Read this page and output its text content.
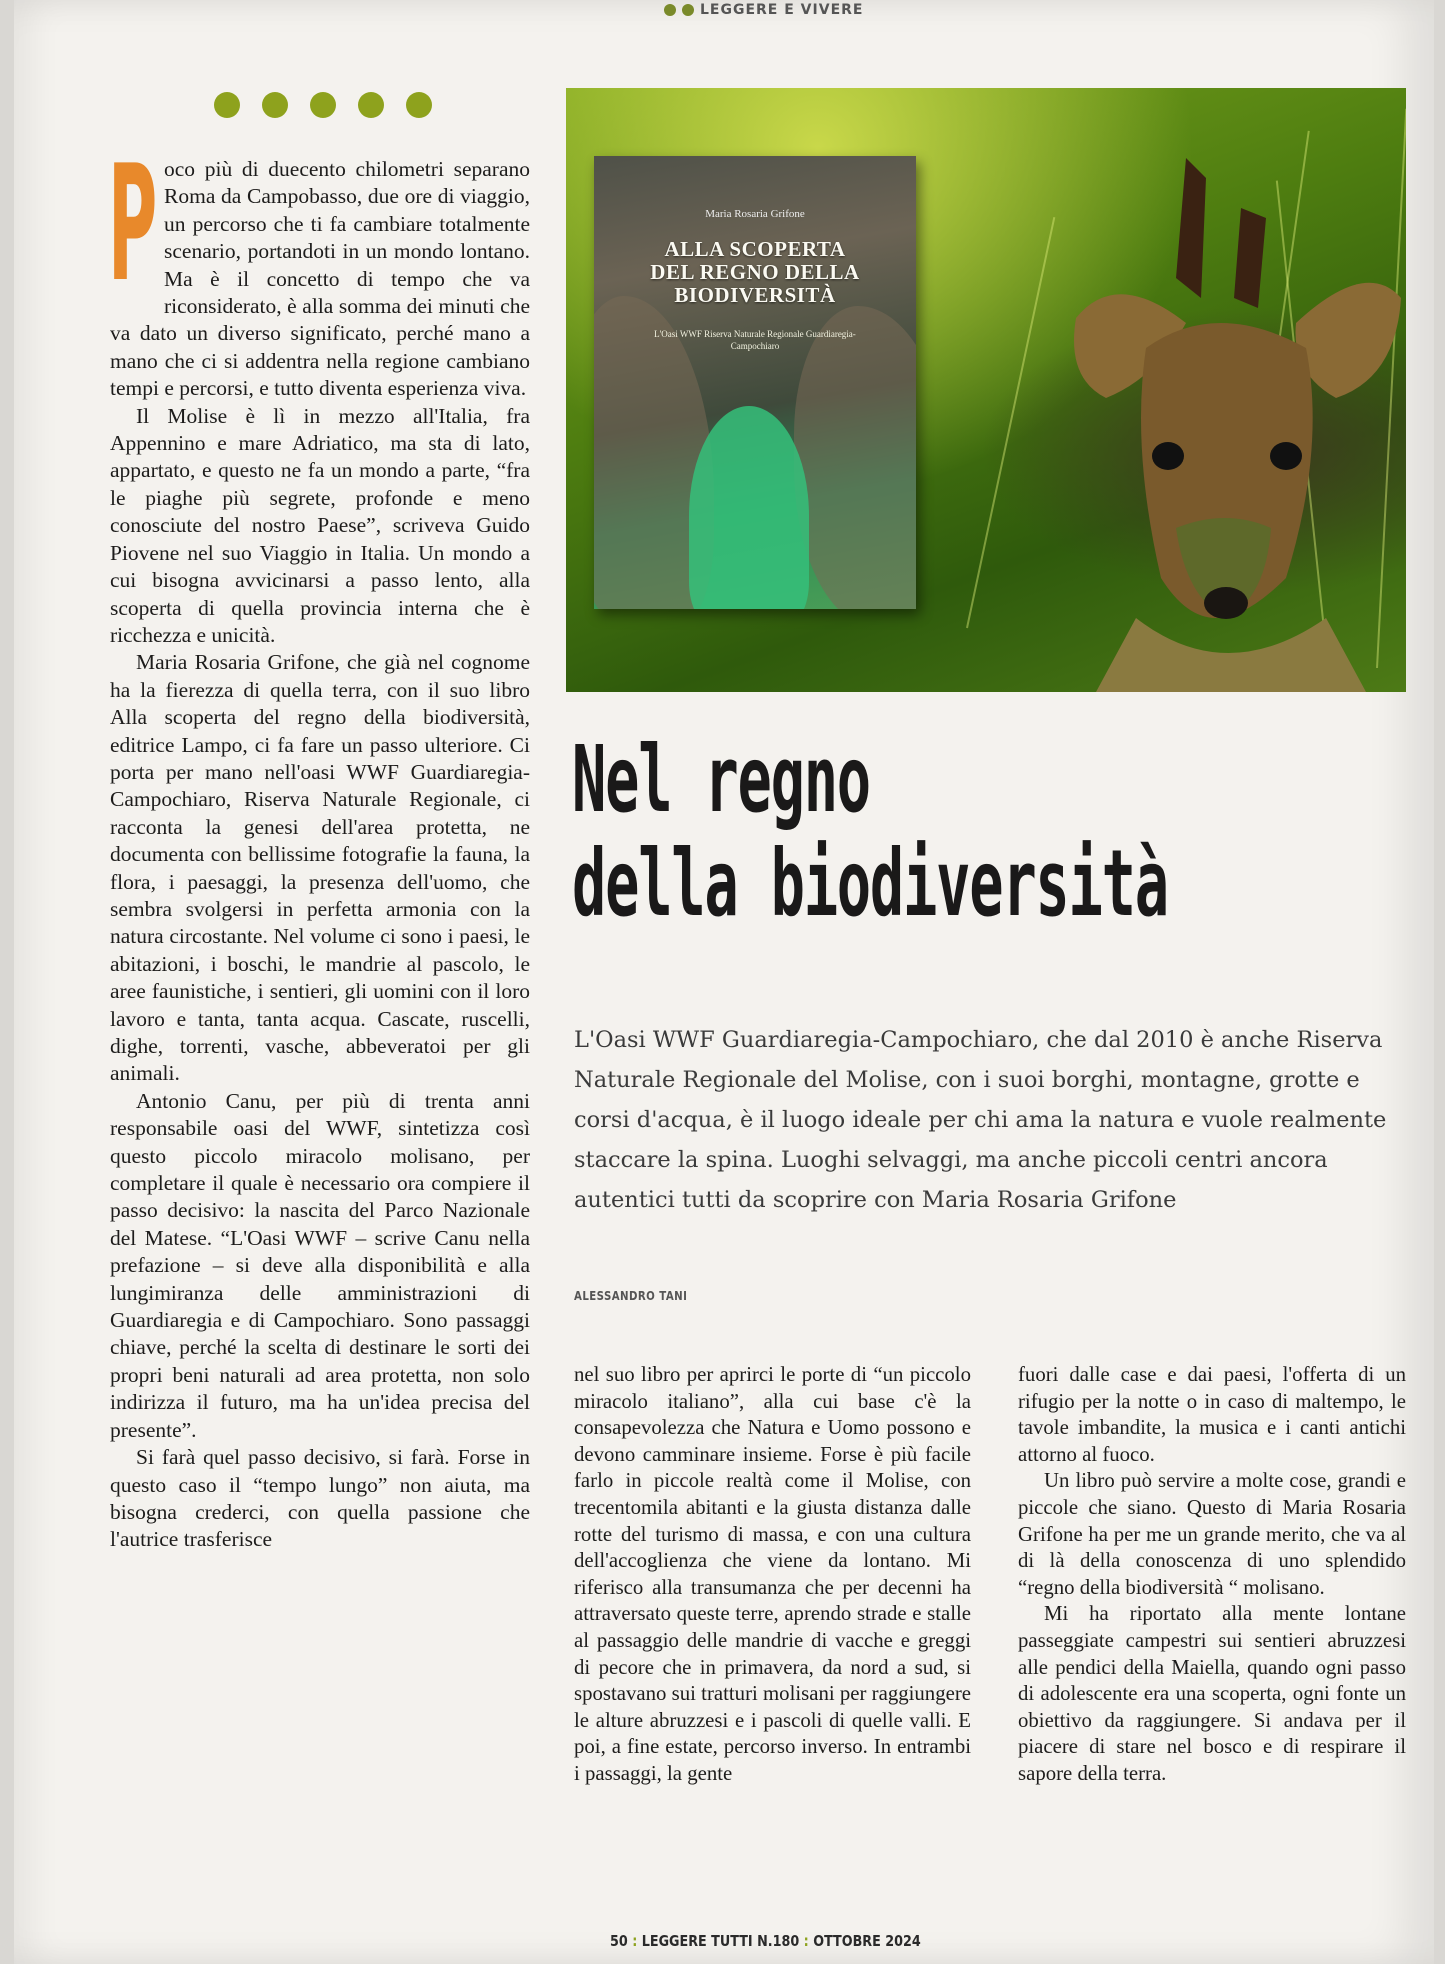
LEGGERE E VIVERE

P oco più di duecento chilometri separano Roma da Campobasso, due ore di viaggio, un percorso che ti fa cambiare totalmente scenario, portandoti in un mondo lontano. Ma è il concetto di tempo che va riconsiderato, è alla somma dei minuti che va dato un diverso significato, perché mano a mano che ci si addentra nella regione cambiano tempi e percorsi, e tutto diventa esperienza viva.

Il Molise è lì in mezzo all'Italia, fra Appennino e mare Adriatico, ma sta di lato, appartato, e questo ne fa un mondo a parte, “fra le piaghe più segrete, profonde e meno conosciute del nostro Paese”, scriveva Guido Piovene nel suo Viaggio in Italia. Un mondo a cui bisogna avvicinarsi a passo lento, alla scoperta di quella provincia interna che è ricchezza e unicità.

Maria Rosaria Grifone, che già nel cognome ha la fierezza di quella terra, con il suo libro Alla scoperta del regno della biodiversità, editrice Lampo, ci fa fare un passo ulteriore. Ci porta per mano nell'oasi WWF Guardiaregia-Campochiaro, Riserva Naturale Regionale, ci racconta la genesi dell'area protetta, ne documenta con bellissime fotografie la fauna, la flora, i paesaggi, la presenza dell'uomo, che sembra svolgersi in perfetta armonia con la natura circostante. Nel volume ci sono i paesi, le abitazioni, i boschi, le mandrie al pascolo, le aree faunistiche, i sentieri, gli uomini con il loro lavoro e tanta, tanta acqua. Cascate, ruscelli, dighe, torrenti, vasche, abbeveratoi per gli animali.

Antonio Canu, per più di trenta anni responsabile oasi del WWF, sintetizza così questo piccolo miracolo molisano, per completare il quale è necessario ora compiere il passo decisivo: la nascita del Parco Nazionale del Matese. “L'Oasi WWF – scrive Canu nella prefazione – si deve alla disponibilità e alla lungimiranza delle amministrazioni di Guardiaregia e di Campochiaro. Sono passaggi chiave, perché la scelta di destinare le sorti dei propri beni naturali ad area protetta, non solo indirizza il futuro, ma ha un'idea precisa del presente”.

Si farà quel passo decisivo, si farà. Forse in questo caso il “tempo lungo” non aiuta, ma bisogna crederci, con quella passione che l'autrice trasferisce

Maria Rosaria Grifone
ALLA SCOPERTA
DEL REGNO DELLA
BIODIVERSITÀ
L'Oasi WWF Riserva Naturale Regionale Guardiaregia-Campochiaro
Nel regno
della biodiversità
L'Oasi WWF Guardiaregia-Campochiaro, che dal 2010 è anche Riserva Naturale Regionale del Molise, con i suoi borghi, montagne, grotte e corsi d'acqua, è il luogo ideale per chi ama la natura e vuole realmente staccare la spina. Luoghi selvaggi, ma anche piccoli centri ancora autentici tutti da scoprire con Maria Rosaria Grifone
ALESSANDRO TANI

nel suo libro per aprirci le porte di “un piccolo miracolo italiano”, alla cui base c'è la consapevolezza che Natura e Uomo possono e devono camminare insieme. Forse è più facile farlo in piccole realtà come il Molise, con trecentomila abitanti e la giusta distanza dalle rotte del turismo di massa, e con una cultura dell'accoglienza che viene da lontano. Mi riferisco alla transumanza che per decenni ha attraversato queste terre, aprendo strade e stalle al passaggio delle mandrie di vacche e greggi di pecore che in primavera, da nord a sud, si spostavano sui tratturi molisani per raggiungere le alture abruzzesi e i pascoli di quelle valli. E poi, a fine estate, percorso inverso. In entrambi i passaggi, la gente

fuori dalle case e dai paesi, l'offerta di un rifugio per la notte o in caso di maltempo, le tavole imbandite, la musica e i canti antichi attorno al fuoco.

Un libro può servire a molte cose, grandi e piccole che siano. Questo di Maria Rosaria Grifone ha per me un grande merito, che va al di là della conoscenza di uno splendido “regno della biodiversità “ molisano.

Mi ha riportato alla mente lontane passeggiate campestri sui sentieri abruzzesi alle pendici della Maiella, quando ogni passo di adolescente era una scoperta, ogni fonte un obiettivo da raggiungere. Si andava per il piacere di stare nel bosco e di respirare il sapore della terra.

50 : LEGGERE TUTTI N.180 : OTTOBRE 2024
